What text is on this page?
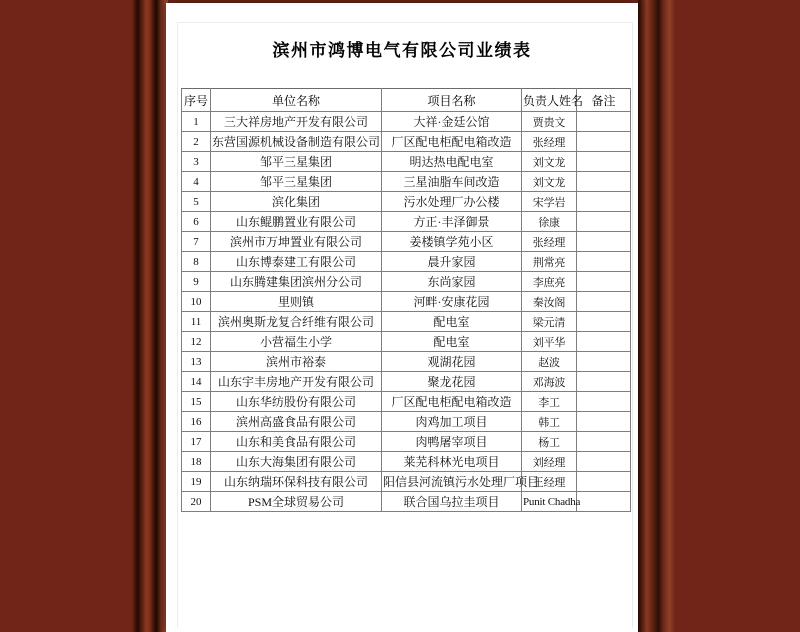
滨州市鸿博电气有限公司业绩表
序号	单位名称	项目名称	负责人姓名	备注
1	三大祥房地产开发有限公司	大祥·金廷公馆	贾贵文	
2	东营国源机械设备制造有限公司	厂区配电柜配电箱改造	张经理	
3	邹平三星集团	明达热电配电室	刘文龙	
4	邹平三星集团	三星油脂车间改造	刘文龙	
5	滨化集团	污水处理厂办公楼	宋学岩	
6	山东鲲鹏置业有限公司	方正·丰泽御景	徐康	
7	滨州市万坤置业有限公司	姜楼镇学苑小区	张经理	
8	山东博泰建工有限公司	晨升家园	荆常亮	
9	山东腾建集团滨州分公司	东尚家园	李庶亮	
10	里则镇	河畔·安康花园	秦汝阁	
11	滨州奥斯龙复合纤维有限公司	配电室	梁元清	
12	小营福生小学	配电室	刘平华	
13	滨州市裕泰	观湖花园	赵波	
14	山东宇丰房地产开发有限公司	聚龙花园	邓海波	
15	山东华纺股份有限公司	厂区配电柜配电箱改造	李工	
16	滨州高盛食品有限公司	肉鸡加工项目	韩工	
17	山东和美食品有限公司	肉鸭屠宰项目	杨工	
18	山东大海集团有限公司	莱芜科林光电项目	刘经理	
19	山东纳瑞环保科技有限公司	阳信县河流镇污水处理厂项目	王经理	
20	PSM全球贸易公司	联合国乌拉圭项目	Punit Chadha	
